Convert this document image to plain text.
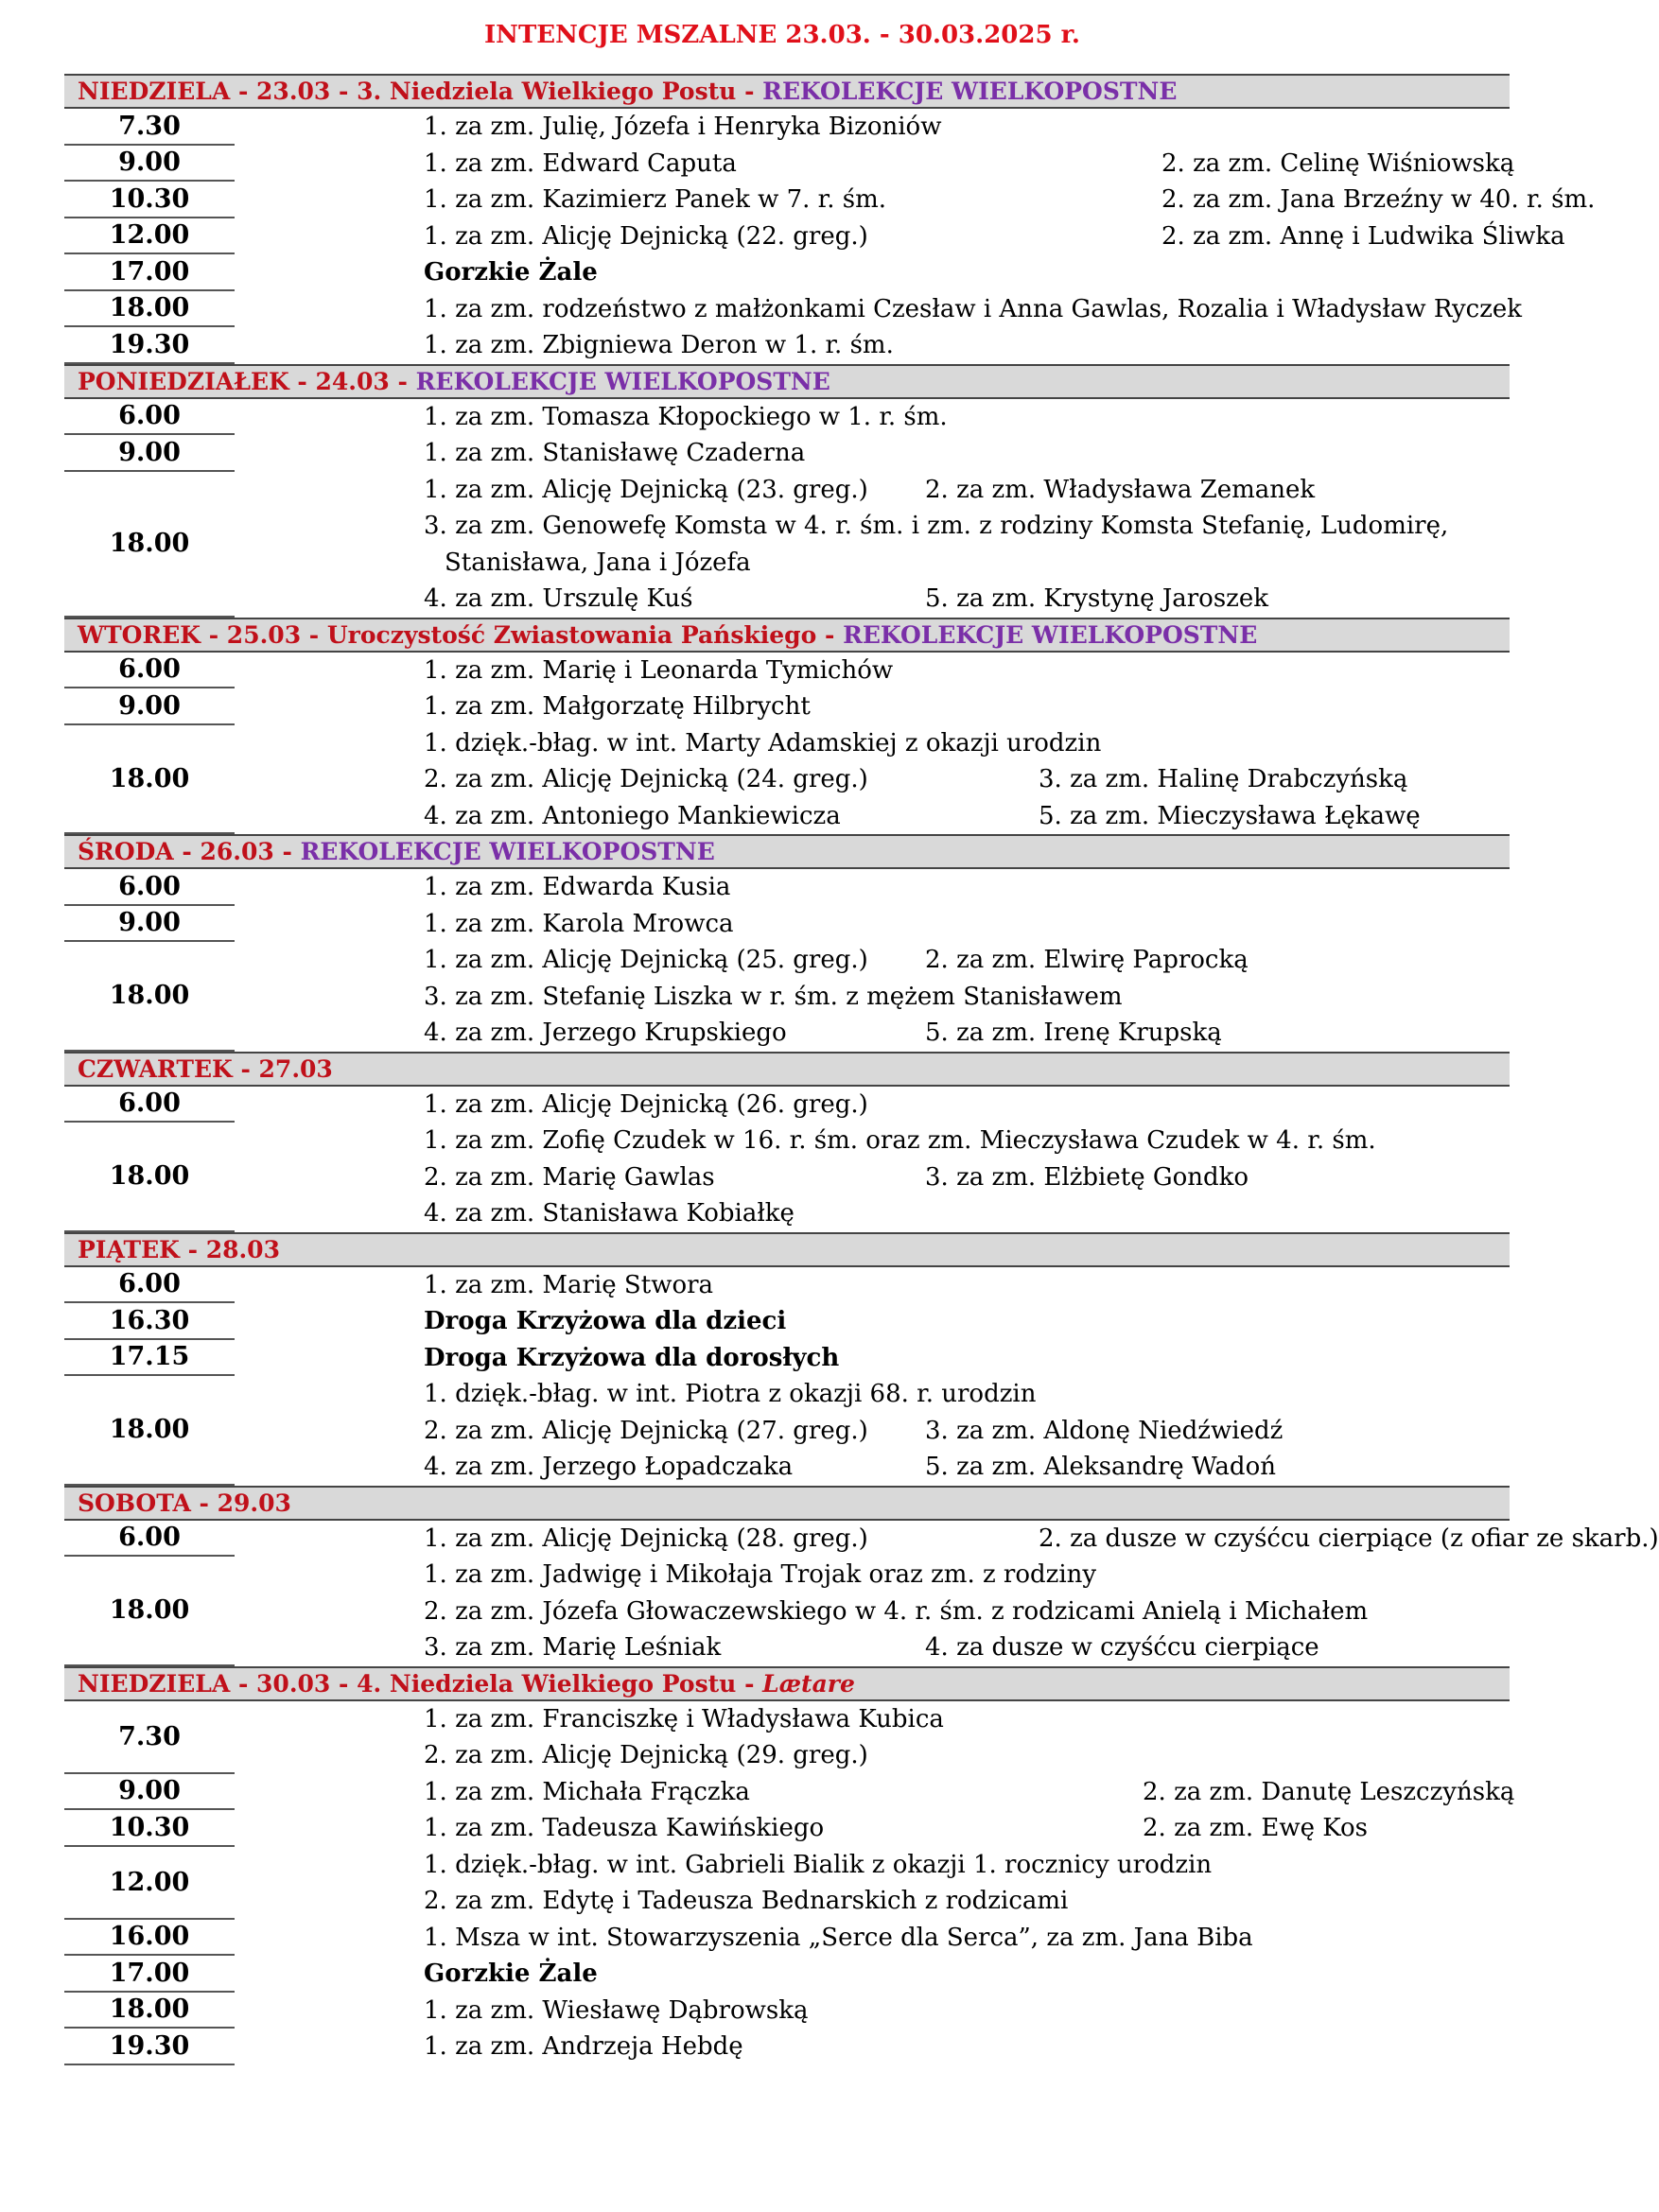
INTENCJE MSZALNE 23.03. - 30.03.2025 r.
NIEDZIELA - 23.03 - 3. Niedziela Wielkiego Postu - REKOLEKCJE WIELKOPOSTNE
7.30	1. za zm. Julię, Józefa i Henryka Bizoniów
9.00	1. za zm. Edward Caputa	2. za zm. Celinę Wiśniowską
10.30	1. za zm. Kazimierz Panek w 7. r. śm.	2. za zm. Jana Brzeźny w 40. r. śm.
12.00	1. za zm. Alicję Dejnicką (22. greg.)	2. za zm. Annę i Ludwika Śliwka
17.00	Gorzkie Żale
18.00	1. za zm. rodzeństwo z małżonkami Czesław i Anna Gawlas, Rozalia i Władysław Ryczek
19.30	1. za zm. Zbigniewa Deron w 1. r. śm.
PONIEDZIAŁEK - 24.03 - REKOLEKCJE WIELKOPOSTNE
6.00	1. za zm. Tomasza Kłopockiego w 1. r. śm.
9.00	1. za zm. Stanisławę Czaderna
18.00
1. za zm. Alicję Dejnicką (23. greg.)	2. za zm. Władysława Zemanek
3. za zm. Genowefę Komsta w 4. r. śm. i zm. z rodziny Komsta Stefanię, Ludomirę,
Stanisława, Jana i Józefa
4. za zm. Urszulę Kuś	5. za zm. Krystynę Jaroszek
WTOREK - 25.03 - Uroczystość Zwiastowania Pańskiego - REKOLEKCJE WIELKOPOSTNE
6.00	1. za zm. Marię i Leonarda Tymichów
9.00	1. za zm. Małgorzatę Hilbrycht
18.00
1. dzięk.-błag. w int. Marty Adamskiej z okazji urodzin
2. za zm. Alicję Dejnicką (24. greg.)	3. za zm. Halinę Drabczyńską
4. za zm. Antoniego Mankiewicza	5. za zm. Mieczysława Łękawę
ŚRODA - 26.03 - REKOLEKCJE WIELKOPOSTNE
6.00	1. za zm. Edwarda Kusia
9.00	1. za zm. Karola Mrowca
18.00
1. za zm. Alicję Dejnicką (25. greg.)	2. za zm. Elwirę Paprocką
3. za zm. Stefanię Liszka w r. śm. z mężem Stanisławem
4. za zm. Jerzego Krupskiego	5. za zm. Irenę Krupską
CZWARTEK - 27.03
6.00	1. za zm. Alicję Dejnicką (26. greg.)
18.00
1. za zm. Zofię Czudek w 16. r. śm. oraz zm. Mieczysława Czudek w 4. r. śm.
2. za zm. Marię Gawlas	3. za zm. Elżbietę Gondko
4. za zm. Stanisława Kobiałkę
PIĄTEK - 28.03
6.00	1. za zm. Marię Stwora
16.30	Droga Krzyżowa dla dzieci
17.15	Droga Krzyżowa dla dorosłych
18.00
1. dzięk.-błag. w int. Piotra z okazji 68. r. urodzin
2. za zm. Alicję Dejnicką (27. greg.)	3. za zm. Aldonę Niedźwiedź
4. za zm. Jerzego Łopadczaka	5. za zm. Aleksandrę Wadoń
SOBOTA - 29.03
6.00	1. za zm. Alicję Dejnicką (28. greg.)	2. za dusze w czyśćcu cierpiące (z ofiar ze skarb.)
18.00
1. za zm. Jadwigę i Mikołaja Trojak oraz zm. z rodziny
2. za zm. Józefa Głowaczewskiego w 4. r. śm. z rodzicami Anielą i Michałem
3. za zm. Marię Leśniak	4. za dusze w czyśćcu cierpiące
NIEDZIELA - 30.03 - 4. Niedziela Wielkiego Postu - Lætare
7.30
1. za zm. Franciszkę i Władysława Kubica
2. za zm. Alicję Dejnicką (29. greg.)
9.00	1. za zm. Michała Frączka	2. za zm. Danutę Leszczyńską
10.30	1. za zm. Tadeusza Kawińskiego	2. za zm. Ewę Kos
12.00
1. dzięk.-błag. w int. Gabrieli Bialik z okazji 1. rocznicy urodzin
2. za zm. Edytę i Tadeusza Bednarskich z rodzicami
16.00	1. Msza w int. Stowarzyszenia „Serce dla Serca”, za zm. Jana Biba
17.00	Gorzkie Żale
18.00	1. za zm. Wiesławę Dąbrowską
19.30	1. za zm. Andrzeja Hebdę
